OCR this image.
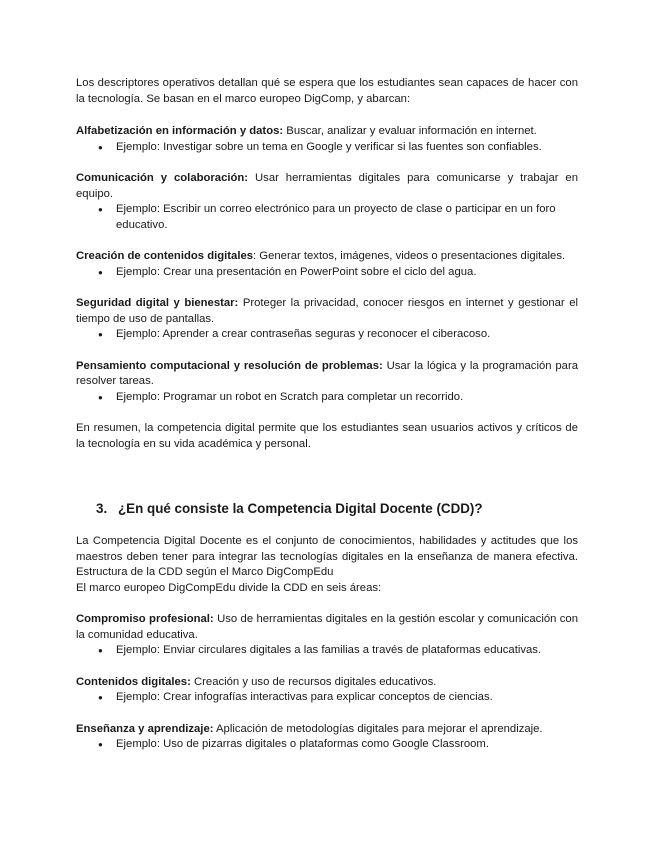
Los descriptores operativos detallan qué se espera que los estudiantes sean capaces de hacer con la tecnología. Se basan en el marco europeo DigComp, y abarcan:

Alfabetización en información y datos: Buscar, analizar y evaluar información en internet.

● Ejemplo: Investigar sobre un tema en Google y verificar si las fuentes son confiables.

Comunicación y colaboración: Usar herramientas digitales para comunicarse y trabajar en equipo.

● Ejemplo: Escribir un correo electrónico para un proyecto de clase o participar en un foro educativo.

Creación de contenidos digitales: Generar textos, imágenes, videos o presentaciones digitales.

● Ejemplo: Crear una presentación en PowerPoint sobre el ciclo del agua.

Seguridad digital y bienestar: Proteger la privacidad, conocer riesgos en internet y gestionar el tiempo de uso de pantallas.

● Ejemplo: Aprender a crear contraseñas seguras y reconocer el ciberacoso.

Pensamiento computacional y resolución de problemas: Usar la lógica y la programación para resolver tareas.

● Ejemplo: Programar un robot en Scratch para completar un recorrido.

En resumen, la competencia digital permite que los estudiantes sean usuarios activos y críticos de la tecnología en su vida académica y personal.

3. ¿En qué consiste la Competencia Digital Docente (CDD)?

La Competencia Digital Docente es el conjunto de conocimientos, habilidades y actitudes que los maestros deben tener para integrar las tecnologías digitales en la enseñanza de manera efectiva. Estructura de la CDD según el Marco DigCompEdu

El marco europeo DigCompEdu divide la CDD en seis áreas:

Compromiso profesional: Uso de herramientas digitales en la gestión escolar y comunicación con la comunidad educativa.

● Ejemplo: Enviar circulares digitales a las familias a través de plataformas educativas.

Contenidos digitales: Creación y uso de recursos digitales educativos.

● Ejemplo: Crear infografías interactivas para explicar conceptos de ciencias.

Enseñanza y aprendizaje: Aplicación de metodologías digitales para mejorar el aprendizaje.

● Ejemplo: Uso de pizarras digitales o plataformas como Google Classroom.
